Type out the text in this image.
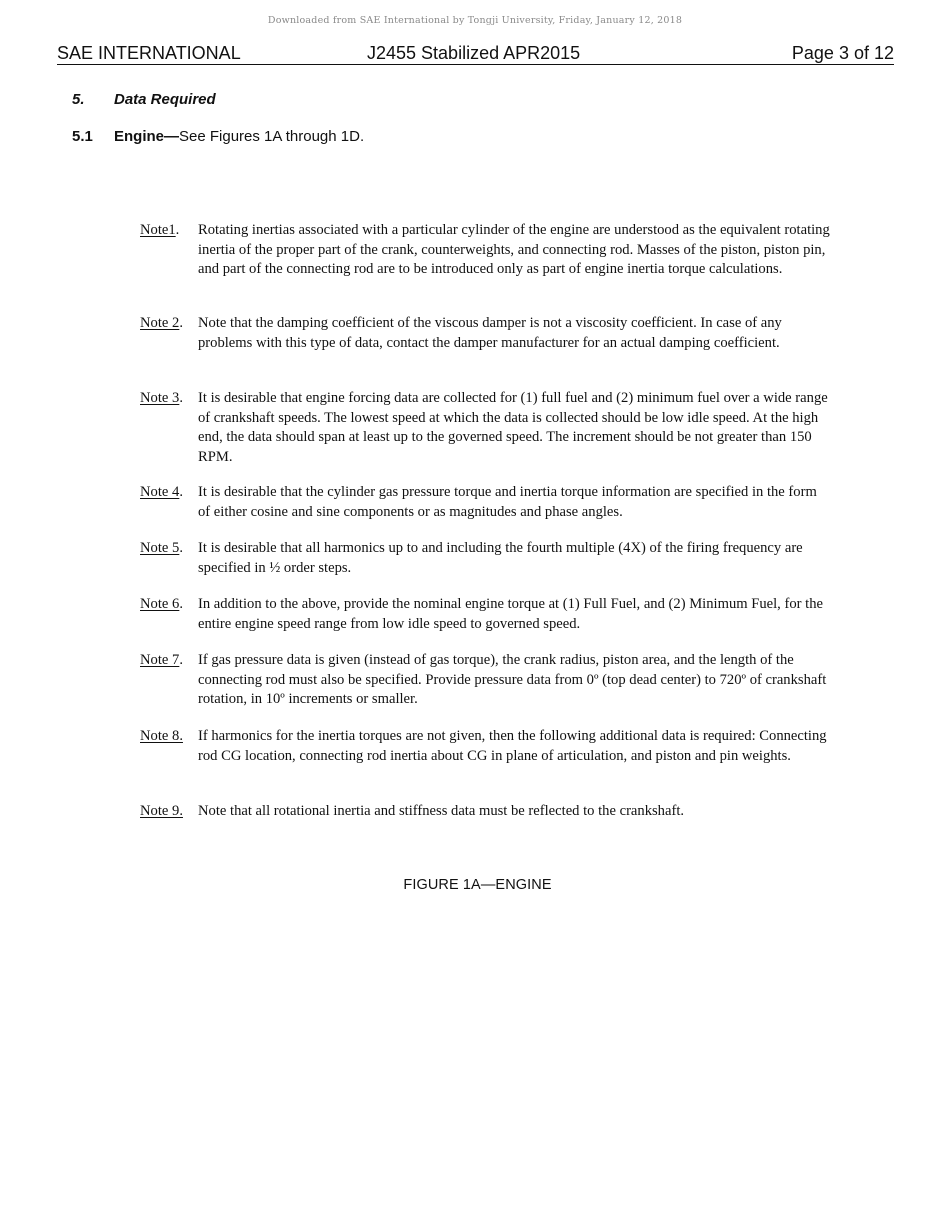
Downloaded from SAE International by Tongji University, Friday, January 12, 2018
SAE INTERNATIONAL	J2455 Stabilized APR2015	Page 3 of 12
5. Data Required
5.1 Engine—See Figures 1A through 1D.
Note1. Rotating inertias associated with a particular cylinder of the engine are understood as the equivalent rotating inertia of the proper part of the crank, counterweights, and connecting rod. Masses of the piston, piston pin, and part of the connecting rod are to be introduced only as part of engine inertia torque calculations.
Note 2. Note that the damping coefficient of the viscous damper is not a viscosity coefficient. In case of any problems with this type of data, contact the damper manufacturer for an actual damping coefficient.
Note 3. It is desirable that engine forcing data are collected for (1) full fuel and (2) minimum fuel over a wide range of crankshaft speeds. The lowest speed at which the data is collected should be low idle speed. At the high end, the data should span at least up to the governed speed. The increment should be not greater than 150 RPM.
Note 4. It is desirable that the cylinder gas pressure torque and inertia torque information are specified in the form of either cosine and sine components or as magnitudes and phase angles.
Note 5. It is desirable that all harmonics up to and including the fourth multiple (4X) of the firing frequency are specified in ½ order steps.
Note 6. In addition to the above, provide the nominal engine torque at (1) Full Fuel, and (2) Minimum Fuel, for the entire engine speed range from low idle speed to governed speed.
Note 7. If gas pressure data is given (instead of gas torque), the crank radius, piston area, and the length of the connecting rod must also be specified. Provide pressure data from 0º (top dead center) to 720º of crankshaft rotation, in 10º increments or smaller.
Note 8. If harmonics for the inertia torques are not given, then the following additional data is required: Connecting rod CG location, connecting rod inertia about CG in plane of articulation, and piston and pin weights.
Note 9. Note that all rotational inertia and stiffness data must be reflected to the crankshaft.
FIGURE 1A—ENGINE
